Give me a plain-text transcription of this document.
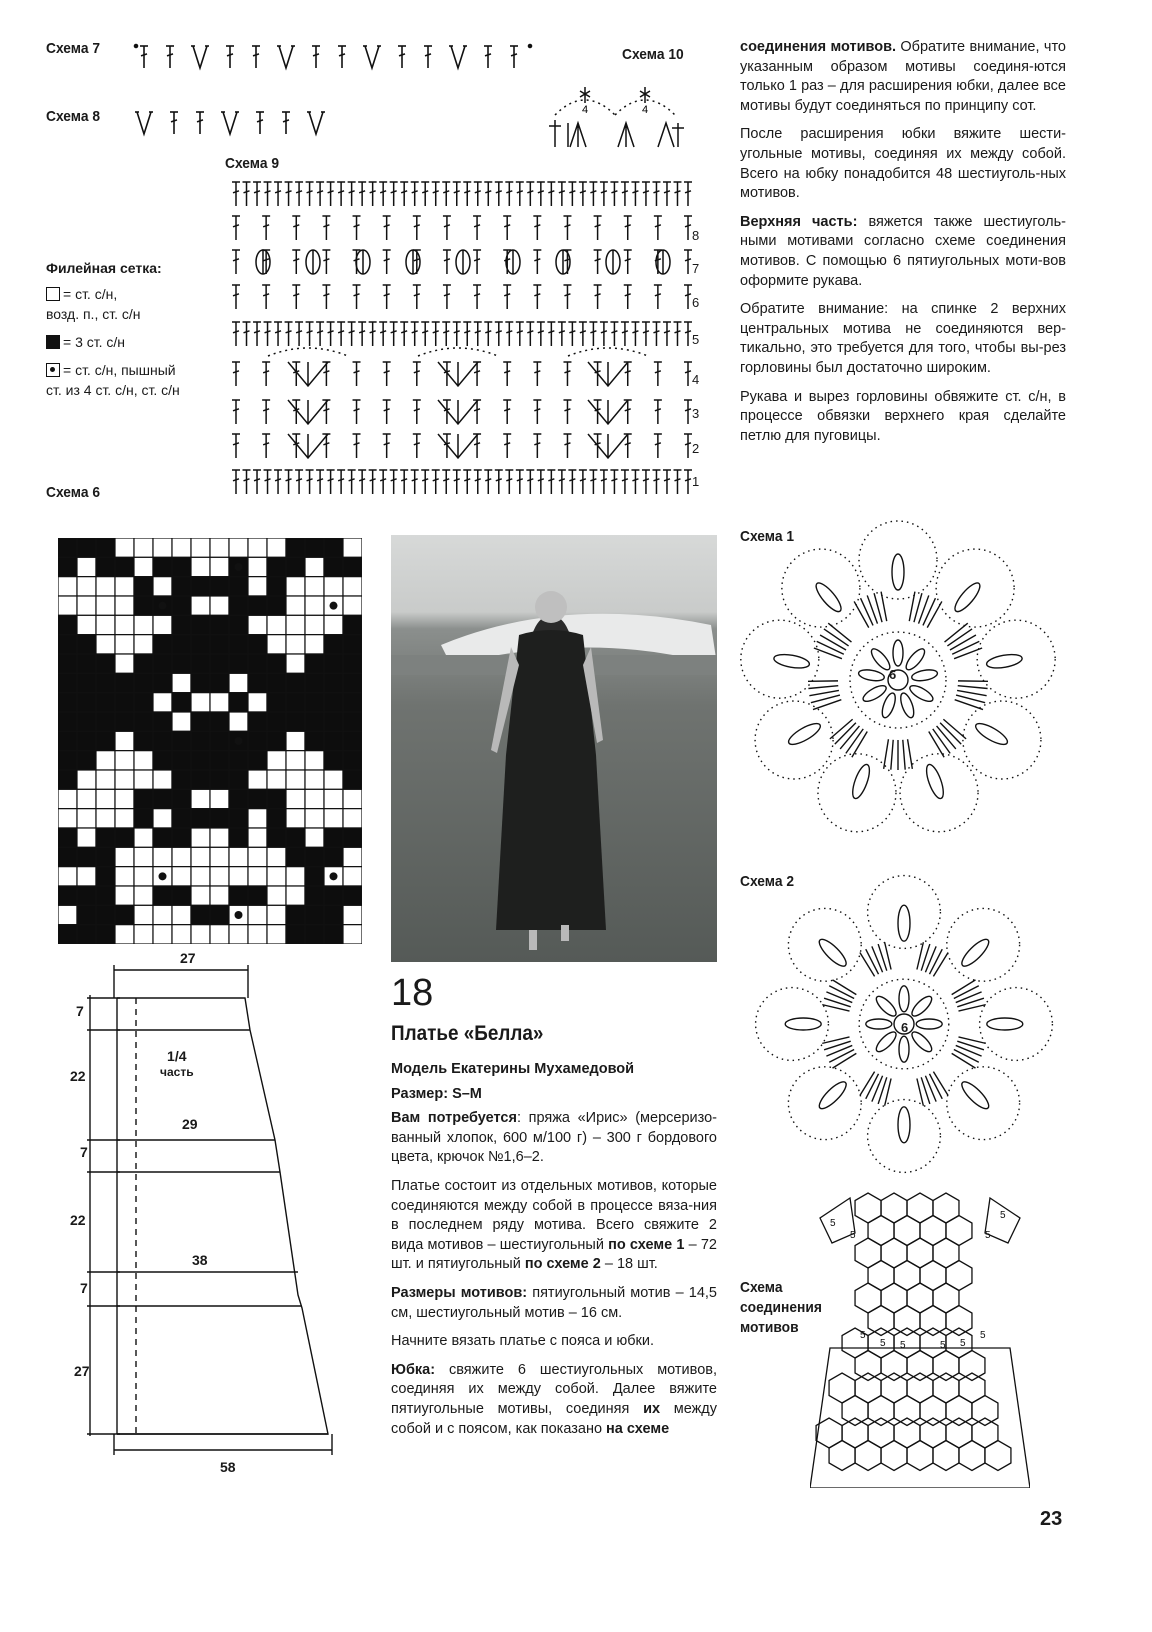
Схема 7
Схема 8
Схема 9
Схема 10
Схема 6
4	4
8
7
6
5
4
3
2
1
Филейная сетка:
= ст. с/н,
возд. п., ст. с/н
= 3 ст. с/н
= ст. с/н, пышный
ст. из 4 ст. с/н, ст. с/н
27
7
22
1/4
часть
29
7
22
38
7
27
58
18
Платье «Белла»

Модель Екатерины Мухамедовой

Размер: S–M

Вам потребуется: пряжа «Ирис» (мерсеризо-ванный хлопок, 600 м/100 г) – 300 г бордового цвета, крючок №1,6–2.

Платье состоит из отдельных мотивов, которые соединяются между собой в процессе вяза-ния в последнем ряду мотива. Всего свяжите 2 вида мотивов – шестиугольный по схеме 1 – 72 шт. и пятиугольный по схеме 2 – 18 шт.

Размеры мотивов: пятиугольный мотив – 14,5 см, шестиугольный мотив – 16 см.

Начните вязать платье с пояса и юбки.

Юбка: свяжите 6 шестиугольных мотивов, соединяя их между собой. Далее вяжите пятиугольные мотивы, соединяя их между собой и с поясом, как показано на схеме

соединения мотивов. Обратите внимание, что указанным образом мотивы соединя-ются только 1 раз – для расширения юбки, далее все мотивы будут соединяться по принципу сот.

После расширения юбки вяжите шести-угольные мотивы, соединяя их между собой. Всего на юбку понадобится 48 шестиуголь-ных мотивов.

Верхняя часть: вяжется также шестиуголь-ными мотивами согласно схеме соединения мотивов. С помощью 6 пятиугольных моти-вов оформите рукава.

Обратите внимание: на спинке 2 верхних центральных мотива не соединяются вер-тикально, это требуется для того, чтобы вы-рез горловины был достаточно широким.

Рукава и вырез горловины обвяжите ст. с/н, в процессе обвязки верхнего края сделайте петлю для пуговицы.

Схема 1
Схема 2
6
6
Схема
соединения
мотивов
5
5	5
5
5
5 5	5 5
5
23
